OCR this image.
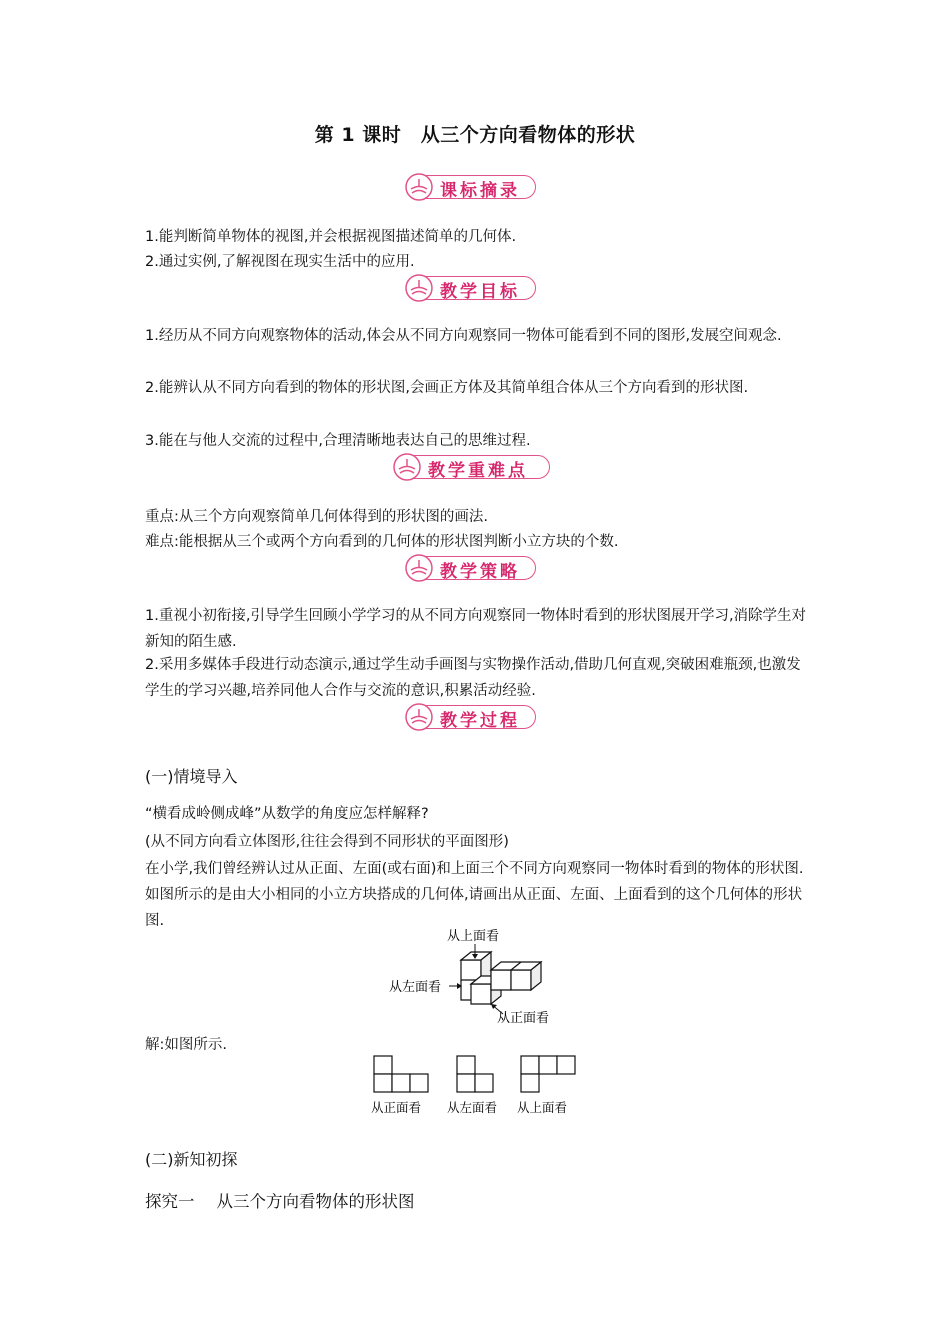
第 1 课时　从三个方向看物体的形状
课标摘录

1.能判断简单物体的视图,并会根据视图描述简单的几何体.

2.通过实例,了解视图在现实生活中的应用.

教学目标

1.经历从不同方向观察物体的活动,体会从不同方向观察同一物体可能看到不同的图形,发展空间观念.

2.能辨认从不同方向看到的物体的形状图,会画正方体及其简单组合体从三个方向看到的形状图.

3.能在与他人交流的过程中,合理清晰地表达自己的思维过程.

教学重难点

重点:从三个方向观察简单几何体得到的形状图的画法.

难点:能根据从三个或两个方向看到的几何体的形状图判断小立方块的个数.

教学策略

1.重视小初衔接,引导学生回顾小学学习的从不同方向观察同一物体时看到的形状图展开学习,消除学生对新知的陌生感.

2.采用多媒体手段进行动态演示,通过学生动手画图与实物操作活动,借助几何直观,突破困难瓶颈,也激发学生的学习兴趣,培养同他人合作与交流的意识,积累活动经验.

教学过程
(一)情境导入

“横看成岭侧成峰”从数学的角度应怎样解释?

(从不同方向看立体图形,往往会得到不同形状的平面图形)

在小学,我们曾经辨认过从正面、左面(或右面)和上面三个不同方向观察同一物体时看到的物体的形状图.如图所示的是由大小相同的小立方块搭成的几何体,请画出从正面、左面、上面看到的这个几何体的形状图.

从上面看
从左面看
从正面看

解:如图所示.

从正面看 从左面看 从上面看
(二)新知初探
探究一 从三个方向看物体的形状图
